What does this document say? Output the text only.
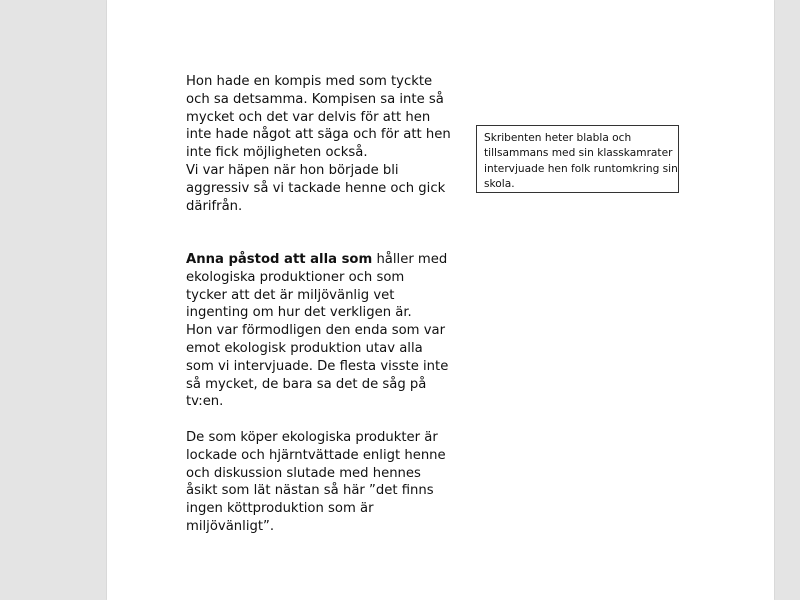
Hon hade en kompis med som tyckte
och sa detsamma. Kompisen sa inte så
mycket och det var delvis för att hen
inte hade något att säga och för att hen
inte fick möjligheten också.
Vi var häpen när hon började bli
aggressiv så vi tackade henne och gick
därifrån.

Anna påstod att alla som håller med
ekologiska produktioner och som
tycker att det är miljövänlig vet
ingenting om hur det verkligen är.
Hon var förmodligen den enda som var
emot ekologisk produktion utav alla
som vi intervjuade. De flesta visste inte
så mycket, de bara sa det de såg på
tv:en.

De som köper ekologiska produkter är
lockade och hjärntvättade enligt henne
och diskussion slutade med hennes
åsikt som lät nästan så här ”det finns
ingen köttproduktion som är
miljövänligt”.

Skribenten heter blabla och
tillsammans med sin klasskamrater
intervjuade hen folk runtomkring sin
skola.
